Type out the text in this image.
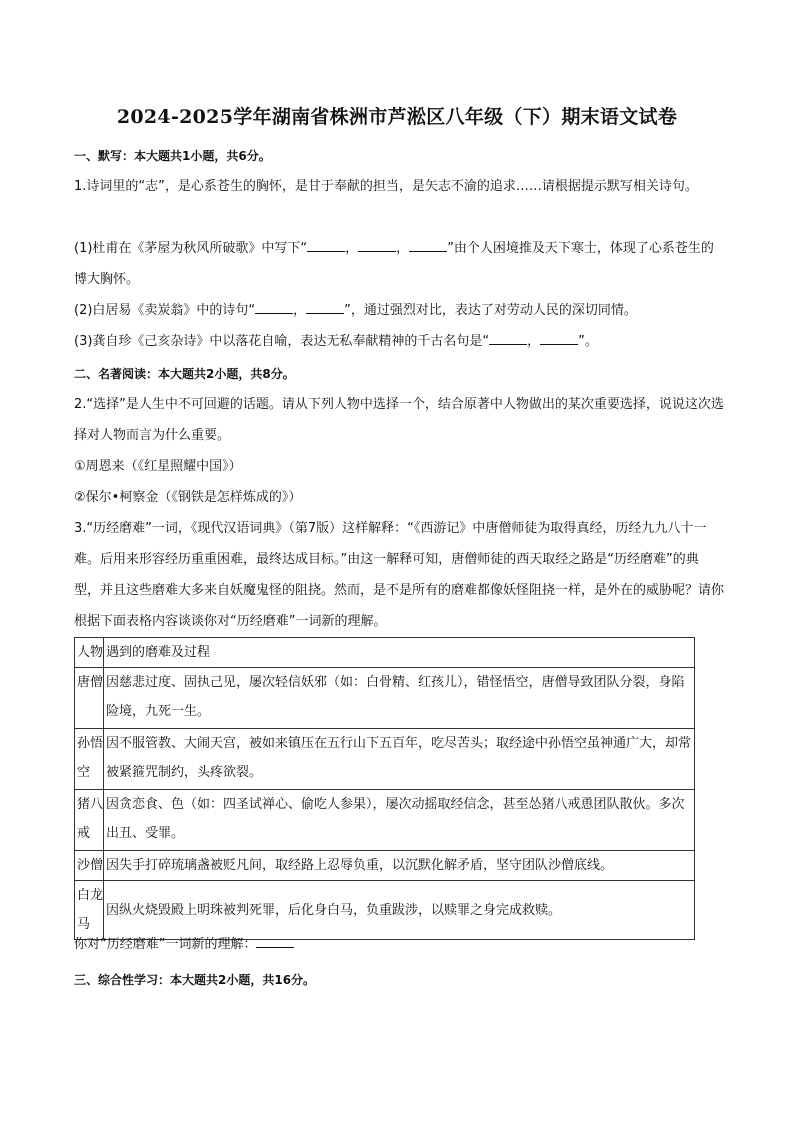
2024-2025学年湖南省株洲市芦淞区八年级（下）期末语文试卷
一、默写：本大题共1小题，共6分。
1.诗词里的“志”，是心系苍生的胸怀，是甘于奉献的担当，是矢志不渝的追求……请根据提示默写相关诗句。
(1)杜甫在《茅屋为秋风所破歌》中写下“	，	，	”由个人困境推及天下寒士，体现了心系苍生的博大胸怀。
(2)白居易《卖炭翁》中的诗句“	，	”，通过强烈对比，表达了对劳动人民的深切同情。
(3)龚自珍《己亥杂诗》中以落花自喻，表达无私奉献精神的千古名句是“	，	”。
二、名著阅读：本大题共2小题，共8分。
2.“选择”是人生中不可回避的话题。请从下列人物中选择一个，结合原著中人物做出的某次重要选择，说说这次选择对人物而言为什么重要。
①周恩来（《红星照耀中国》）
②保尔•柯察金（《钢铁是怎样炼成的》）
3.“历经磨难”一词，《现代汉语词典》（第7版）这样解释：“《西游记》中唐僧师徒为取得真经，历经九九八十一难。后用来形容经历重重困难，最终达成目标。”由这一解释可知，唐僧师徒的西天取经之路是“历经磨难”的典型，并且这些磨难大多来自妖魔鬼怪的阻挠。然而，是不是所有的磨难都像妖怪阻挠一样，是外在的威胁呢？请你根据下面表格内容谈谈你对“历经磨难”一词新的理解。
人物	遇到的磨难及过程
唐僧	因慈悲过度、固执己见，屡次轻信妖邪（如：白骨精、红孩儿），错怪悟空，唐僧导致团队分裂，身陷险境，九死一生。
孙悟空	因不服管教、大闹天宫，被如来镇压在五行山下五百年，吃尽苦头；取经途中孙悟空虽神通广大，却常被紧箍咒制约，头疼欲裂。
猪八戒	因贪恋食、色（如：四圣试禅心、偷吃人参果），屡次动摇取经信念，甚至怂猪八戒恿团队散伙。多次出丑、受罪。
沙僧	因失手打碎琉璃盏被贬凡间，取经路上忍辱负重，以沉默化解矛盾，坚守团队沙僧底线。
白龙马	因纵火烧毁殿上明珠被判死罪，后化身白马，负重跋涉，以赎罪之身完成救赎。
你对“历经磨难”一词新的理解：
三、综合性学习：本大题共2小题，共16分。
